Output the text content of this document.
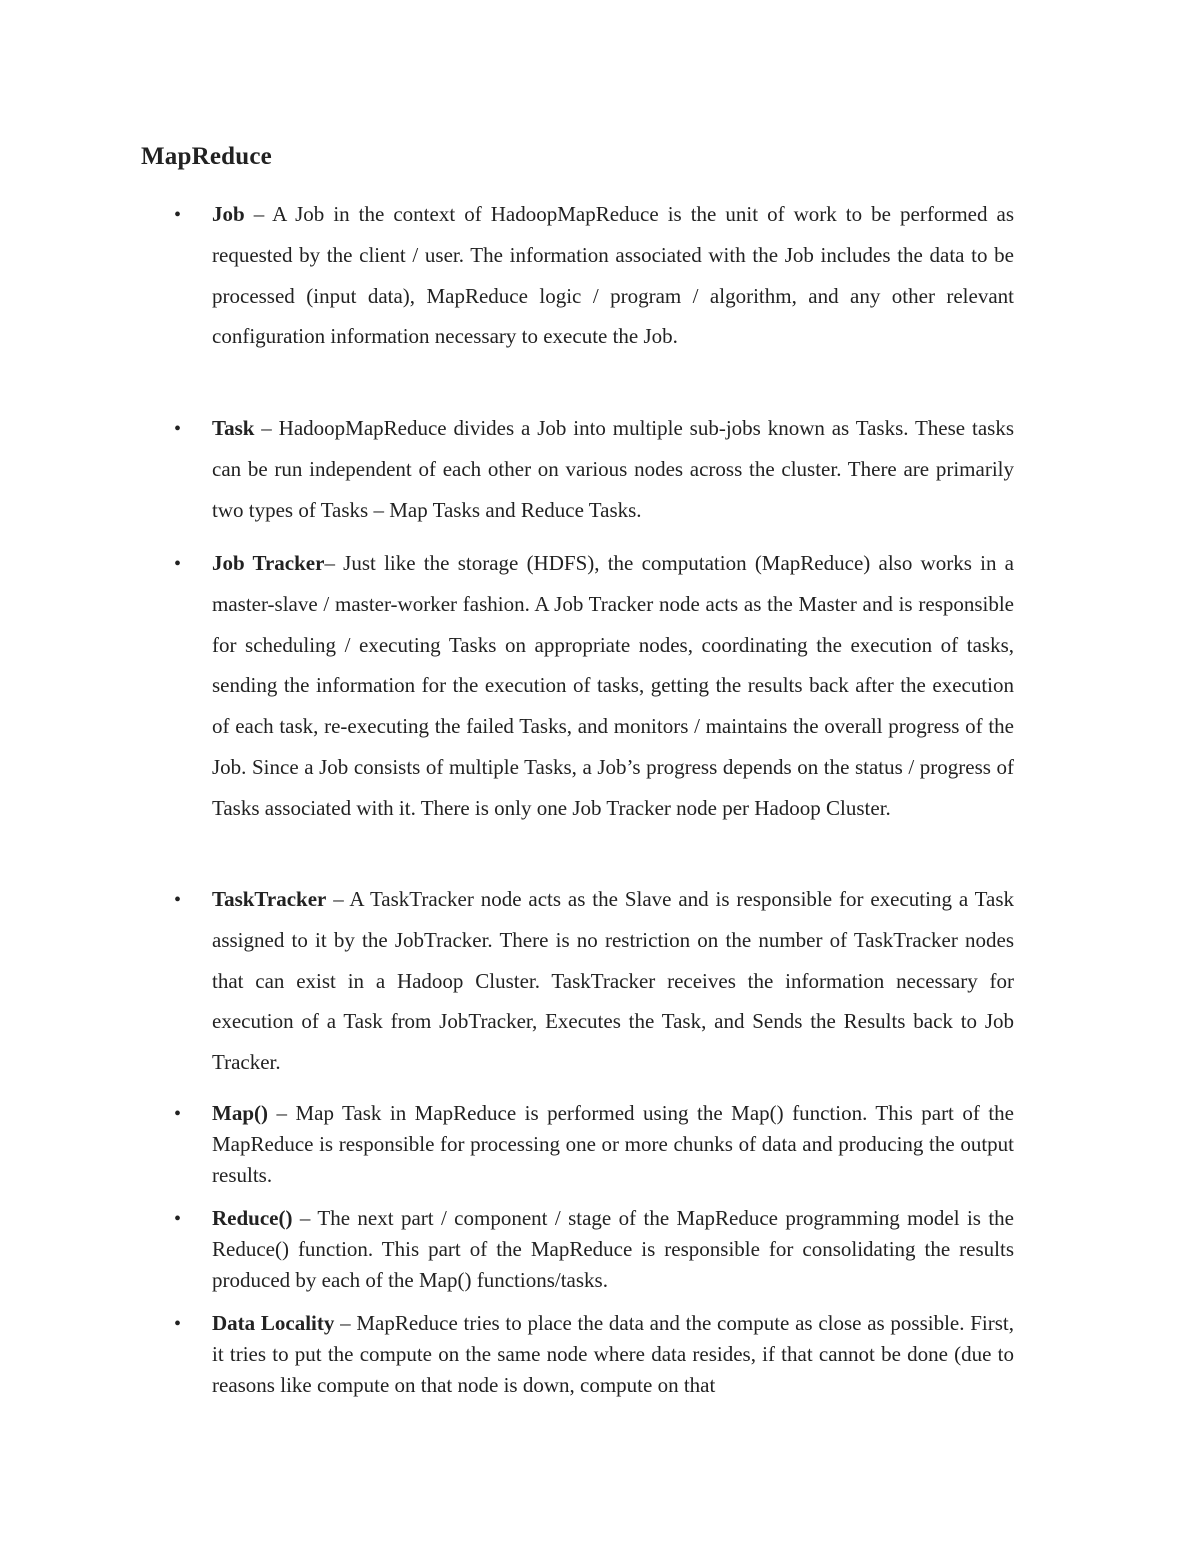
MapReduce
• Job – A Job in the context of HadoopMapReduce is the unit of work to be performed as requested by the client / user. The information associated with the Job includes the data to be processed (input data), MapReduce logic / program / algorithm, and any other relevant configuration information necessary to execute the Job.

• Task – HadoopMapReduce divides a Job into multiple sub-jobs known as Tasks. These tasks can be run independent of each other on various nodes across the cluster. There are primarily two types of Tasks – Map Tasks and Reduce Tasks.

• Job Tracker– Just like the storage (HDFS), the computation (MapReduce) also works in a master-slave / master-worker fashion. A Job Tracker node acts as the Master and is responsible for scheduling / executing Tasks on appropriate nodes, coordinating the execution of tasks, sending the information for the execution of tasks, getting the results back after the execution of each task, re-executing the failed Tasks, and monitors / maintains the overall progress of the Job. Since a Job consists of multiple Tasks, a Job’s progress depends on the status / progress of Tasks associated with it. There is only one Job Tracker node per Hadoop Cluster.

• TaskTracker – A TaskTracker node acts as the Slave and is responsible for executing a Task assigned to it by the JobTracker. There is no restriction on the number of TaskTracker nodes that can exist in a Hadoop Cluster. TaskTracker receives the information necessary for execution of a Task from JobTracker, Executes the Task, and Sends the Results back to Job Tracker.

• Map() – Map Task in MapReduce is performed using the Map() function. This part of the MapReduce is responsible for processing one or more chunks of data and producing the output results.

• Reduce() – The next part / component / stage of the MapReduce programming model is the Reduce() function. This part of the MapReduce is responsible for consolidating the results produced by each of the Map() functions/tasks.

• Data Locality – MapReduce tries to place the data and the compute as close as possible. First, it tries to put the compute on the same node where data resides, if that cannot be done (due to reasons like compute on that node is down, compute on that
